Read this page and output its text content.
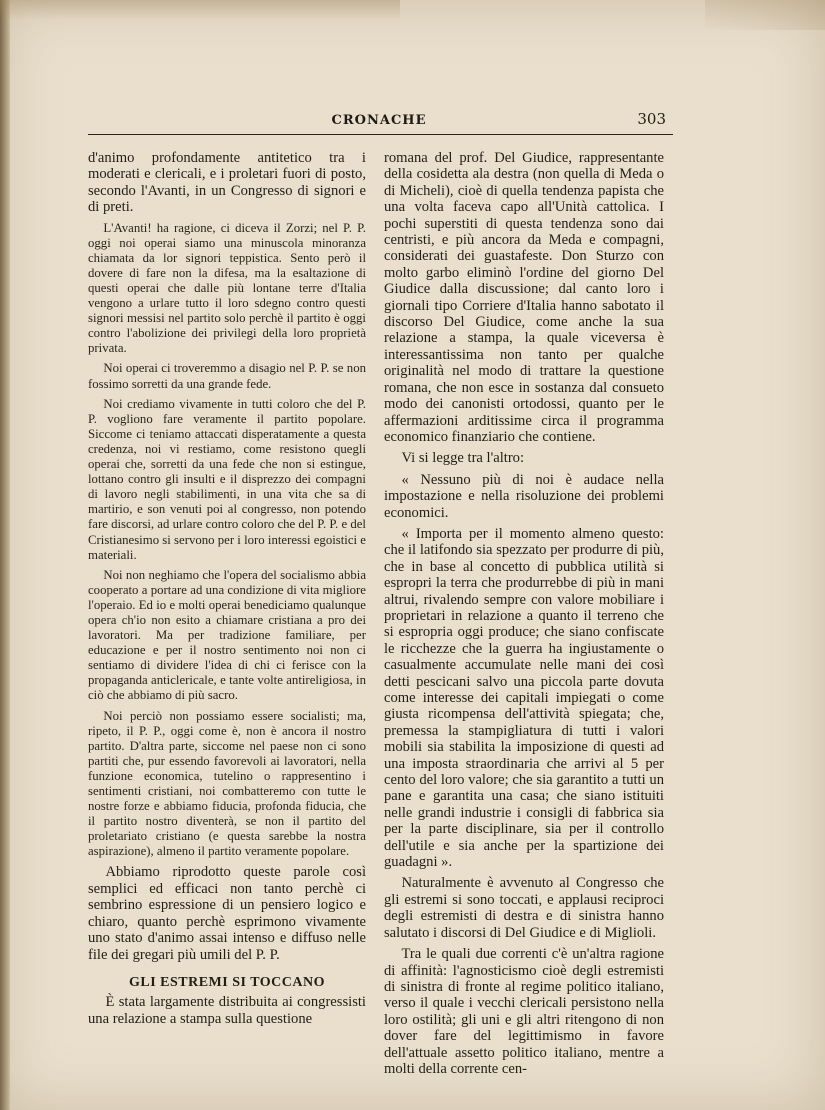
CRONACHE	303

d'animo profondamente antitetico tra i moderati e clericali, e i proletari fuori di posto, secondo l'Avanti, in un Congresso di signori e di preti.

L'Avanti! ha ragione, ci diceva il Zorzi; nel P. P. oggi noi operai siamo una minuscola minoranza chiamata da lor signori teppistica. Sento però il dovere di fare non la difesa, ma la esaltazione di questi operai che dalle più lontane terre d'Italia vengono a urlare tutto il loro sdegno contro questi signori messisi nel partito solo perchè il partito è oggi contro l'abolizione dei privilegi della loro proprietà privata.

Noi operai ci troveremmo a disagio nel P. P. se non fossimo sorretti da una grande fede.

Noi crediamo vivamente in tutti coloro che del P. P. vogliono fare veramente il partito popolare. Siccome ci teniamo attaccati disperatamente a questa credenza, noi vi restiamo, come resistono quegli operai che, sorretti da una fede che non si estingue, lottano contro gli insulti e il disprezzo dei compagni di lavoro negli stabilimenti, in una vita che sa di martirio, e son venuti poi al congresso, non potendo fare discorsi, ad urlare contro coloro che del P. P. e del Cristianesimo si servono per i loro interessi egoistici e materiali.

Noi non neghiamo che l'opera del socialismo abbia cooperato a portare ad una condizione di vita migliore l'operaio. Ed io e molti operai benediciamo qualunque opera ch'io non esito a chiamare cristiana a pro dei lavoratori. Ma per tradizione familiare, per educazione e per il nostro sentimento noi non ci sentiamo di dividere l'idea di chi ci ferisce con la propaganda anticlericale, e tante volte antireligiosa, in ciò che abbiamo di più sacro.

Noi perciò non possiamo essere socialisti; ma, ripeto, il P. P., oggi come è, non è ancora il nostro partito. D'altra parte, siccome nel paese non ci sono partiti che, pur essendo favorevoli ai lavoratori, nella funzione economica, tutelino o rappresentino i sentimenti cristiani, noi combatteremo con tutte le nostre forze e abbiamo fiducia, profonda fiducia, che il partito nostro diventerà, se non il partito del proletariato cristiano (e questa sarebbe la nostra aspirazione), almeno il partito veramente popolare.

Abbiamo riprodotto queste parole così semplici ed efficaci non tanto perchè ci sembrino espressione di un pensiero logico e chiaro, quanto perchè esprimono vivamente uno stato d'animo assai intenso e diffuso nelle file dei gregari più umili del P. P.

GLI ESTREMI SI TOCCANO

È stata largamente distribuita ai congressisti una relazione a stampa sulla questione

romana del prof. Del Giudice, rappresentante della cosidetta ala destra (non quella di Meda o di Micheli), cioè di quella tendenza papista che una volta faceva capo all'Unità cattolica. I pochi superstiti di questa tendenza sono dai centristi, e più ancora da Meda e compagni, considerati dei guastafeste. Don Sturzo con molto garbo eliminò l'ordine del giorno Del Giudice dalla discussione; dal canto loro i giornali tipo Corriere d'Italia hanno sabotato il discorso Del Giudice, come anche la sua relazione a stampa, la quale viceversa è interessantissima non tanto per qualche originalità nel modo di trattare la questione romana, che non esce in sostanza dal consueto modo dei canonisti ortodossi, quanto per le affermazioni arditissime circa il programma economico finanziario che contiene.

Vi si legge tra l'altro:

« Nessuno più di noi è audace nella impostazione e nella risoluzione dei problemi economici.

« Importa per il momento almeno questo: che il latifondo sia spezzato per produrre di più, che in base al concetto di pubblica utilità si espropri la terra che produrrebbe di più in mani altrui, rivalendo sempre con valore mobiliare i proprietari in relazione a quanto il terreno che si espropria oggi produce; che siano confiscate le ricchezze che la guerra ha ingiustamente o casualmente accumulate nelle mani dei così detti pescicani salvo una piccola parte dovuta come interesse dei capitali impiegati o come giusta ricompensa dell'attività spiegata; che, premessa la stampigliatura di tutti i valori mobili sia stabilita la imposizione di questi ad una imposta straordinaria che arrivi al 5 per cento del loro valore; che sia garantito a tutti un pane e garantita una casa; che siano istituiti nelle grandi industrie i consigli di fabbrica sia per la parte disciplinare, sia per il controllo dell'utile e sia anche per la spartizione dei guadagni ».

Naturalmente è avvenuto al Congresso che gli estremi si sono toccati, e applausi reciproci degli estremisti di destra e di sinistra hanno salutato i discorsi di Del Giudice e di Miglioli.

Tra le quali due correnti c'è un'altra ragione di affinità: l'agnosticismo cioè degli estremisti di sinistra di fronte al regime politico italiano, verso il quale i vecchi clericali persistono nella loro ostilità; gli uni e gli altri ritengono di non dover fare del legittimismo in favore dell'attuale assetto politico italiano, mentre a molti della corrente cen-
